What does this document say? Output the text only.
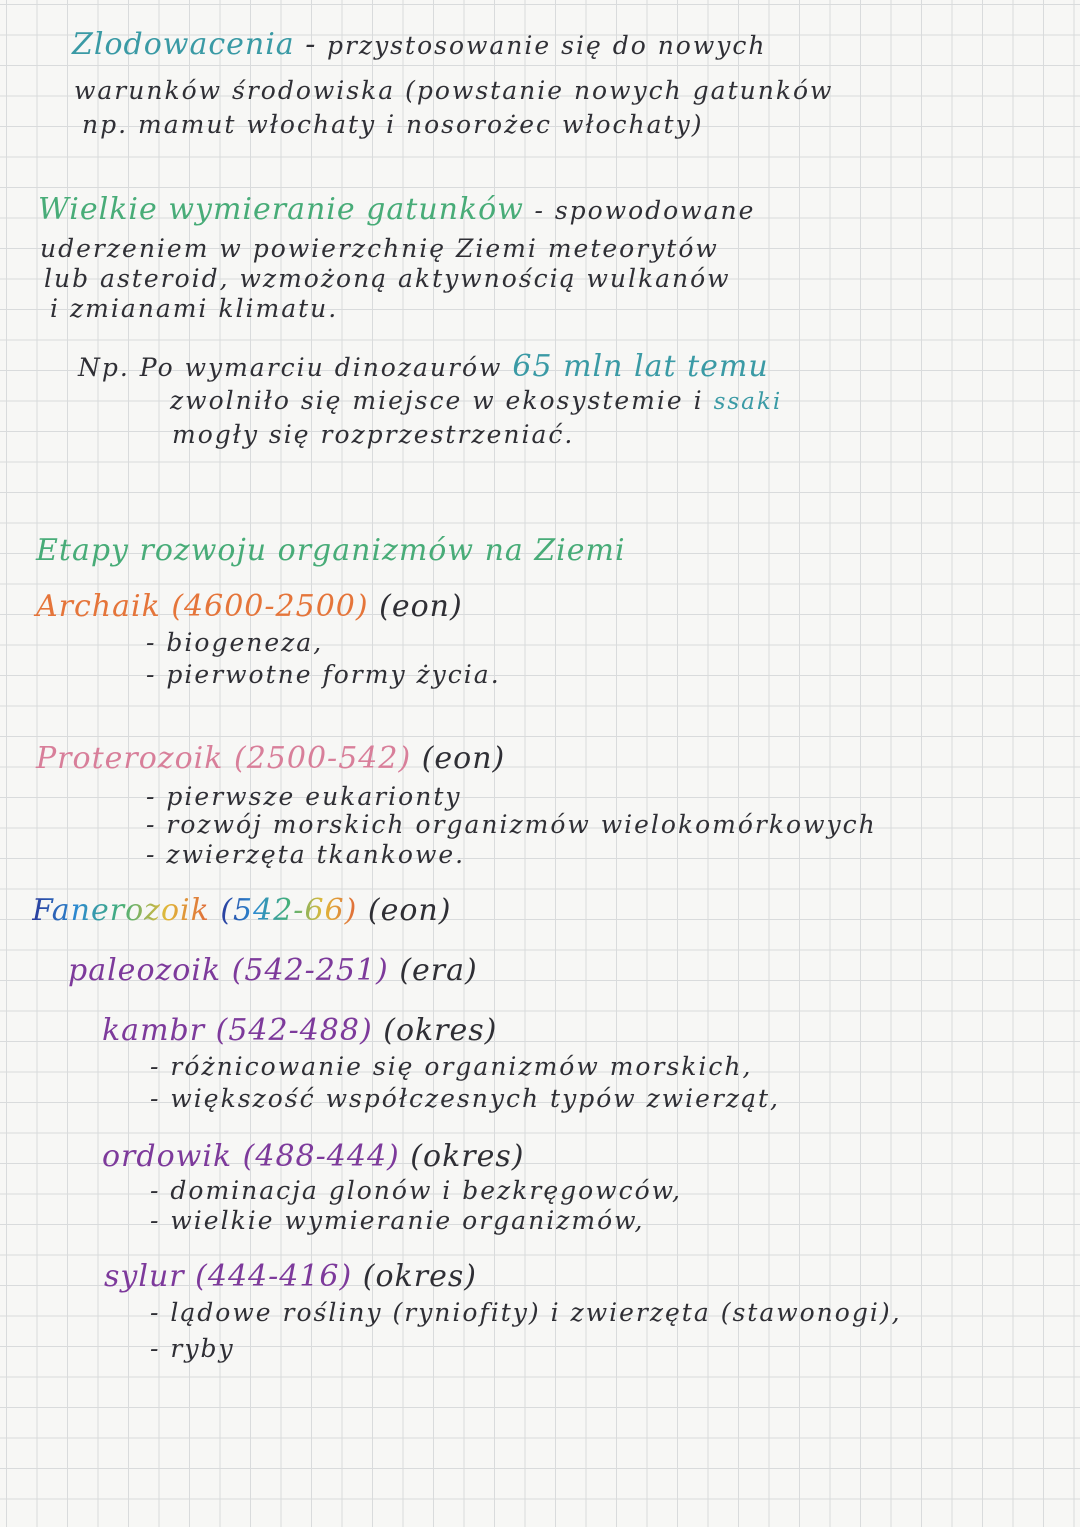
Zlodowacenia - przystosowanie się do nowych
warunków środowiska (powstanie nowych gatunków
np. mamut włochaty i nosorożec włochaty)
Wielkie wymieranie gatunków - spowodowane
uderzeniem w powierzchnię Ziemi meteorytów
lub asteroid, wzmożoną aktywnością wulkanów
i zmianami klimatu.
Np. Po wymarciu dinozaurów 65 mln lat temu
zwolniło się miejsce w ekosystemie i ssaki
mogły się rozprzestrzeniać.
Etapy rozwoju organizmów na Ziemi
Archaik (4600-2500) (eon)
- biogeneza,
- pierwotne formy życia.
Proterozoik (2500-542) (eon)
- pierwsze eukarionty
- rozwój morskich organizmów wielokomórkowych
- zwierzęta tkankowe.
Fanerozoik (542-66) (eon)
paleozoik (542-251) (era)
kambr (542-488) (okres)
- różnicowanie się organizmów morskich,
- większość współczesnych typów zwierząt,
ordowik (488-444) (okres)
- dominacja glonów i bezkręgowców,
- wielkie wymieranie organizmów,
sylur (444-416) (okres)
- lądowe rośliny (ryniofity) i zwierzęta (stawonogi),
- ryby
